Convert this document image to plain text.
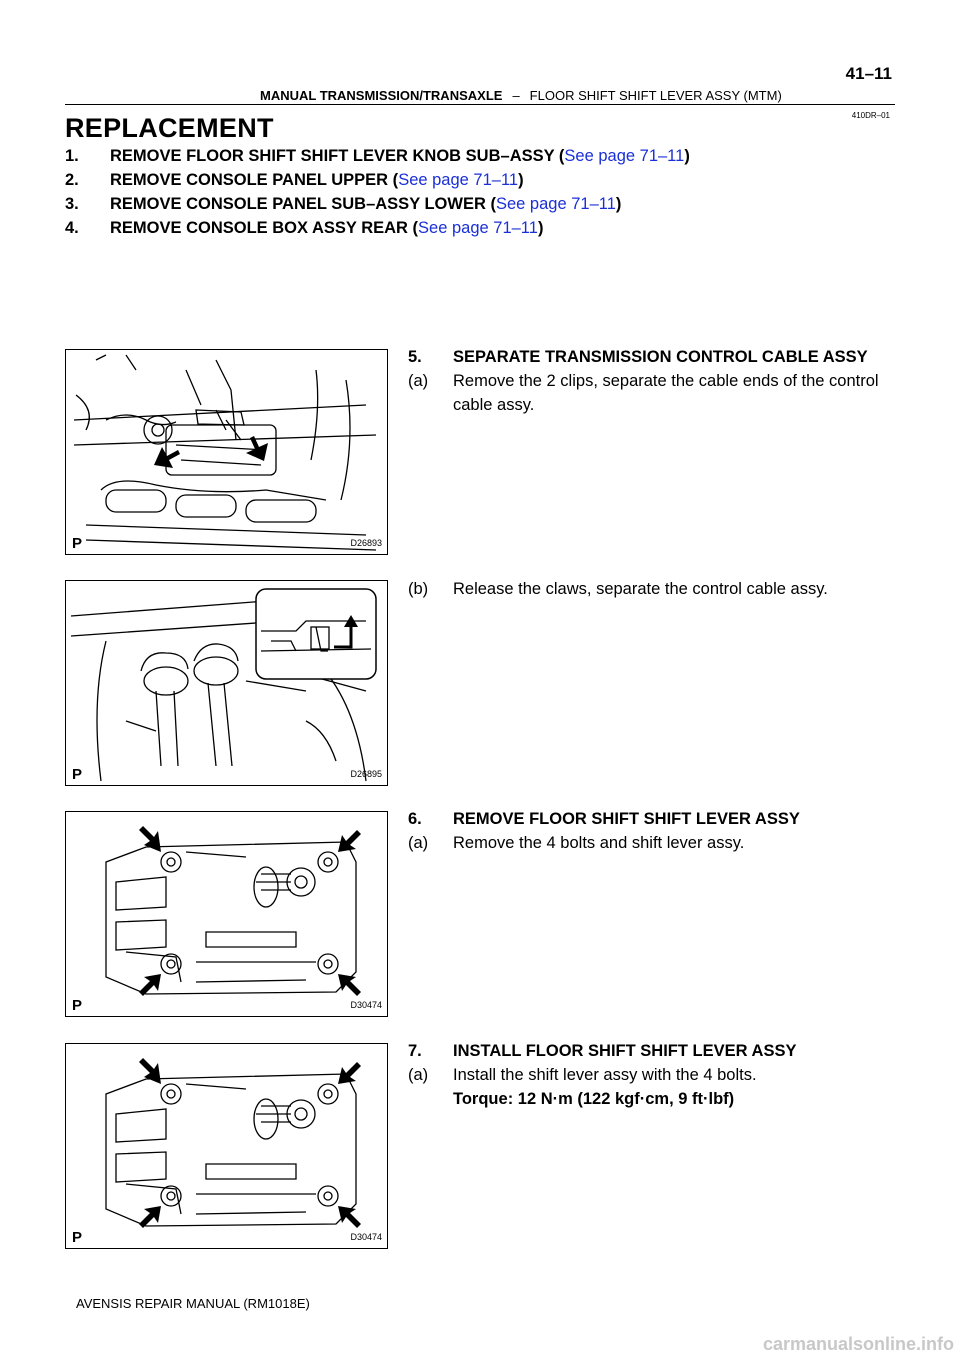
MANUAL TRANSMISSION/TRANSAXLE – FLOOR SHIFT SHIFT LEVER ASSY (MTM)
41–11
410DR–01
REPLACEMENT
1. REMOVE FLOOR SHIFT SHIFT LEVER KNOB SUB–ASSY (See page 71–11)
2. REMOVE CONSOLE PANEL UPPER (See page 71–11)
3. REMOVE CONSOLE PANEL SUB–ASSY LOWER (See page 71–11)
4. REMOVE CONSOLE BOX ASSY REAR (See page 71–11)
P	D26893
5. SEPARATE TRANSMISSION CONTROL CABLE ASSY
(a) Remove the 2 clips, separate the cable ends of the control
cable assy.
P	D26895
(b) Release the claws, separate the control cable assy.
P	D30474
6. REMOVE FLOOR SHIFT SHIFT LEVER ASSY
(a) Remove the 4 bolts and shift lever assy.
P	D30474
7. INSTALL FLOOR SHIFT SHIFT LEVER ASSY
(a) Install the shift lever assy with the 4 bolts.
Torque: 12 N·m (122 kgf·cm, 9 ft·lbf)
AVENSIS REPAIR MANUAL (RM1018E)
carmanualsonline.info
